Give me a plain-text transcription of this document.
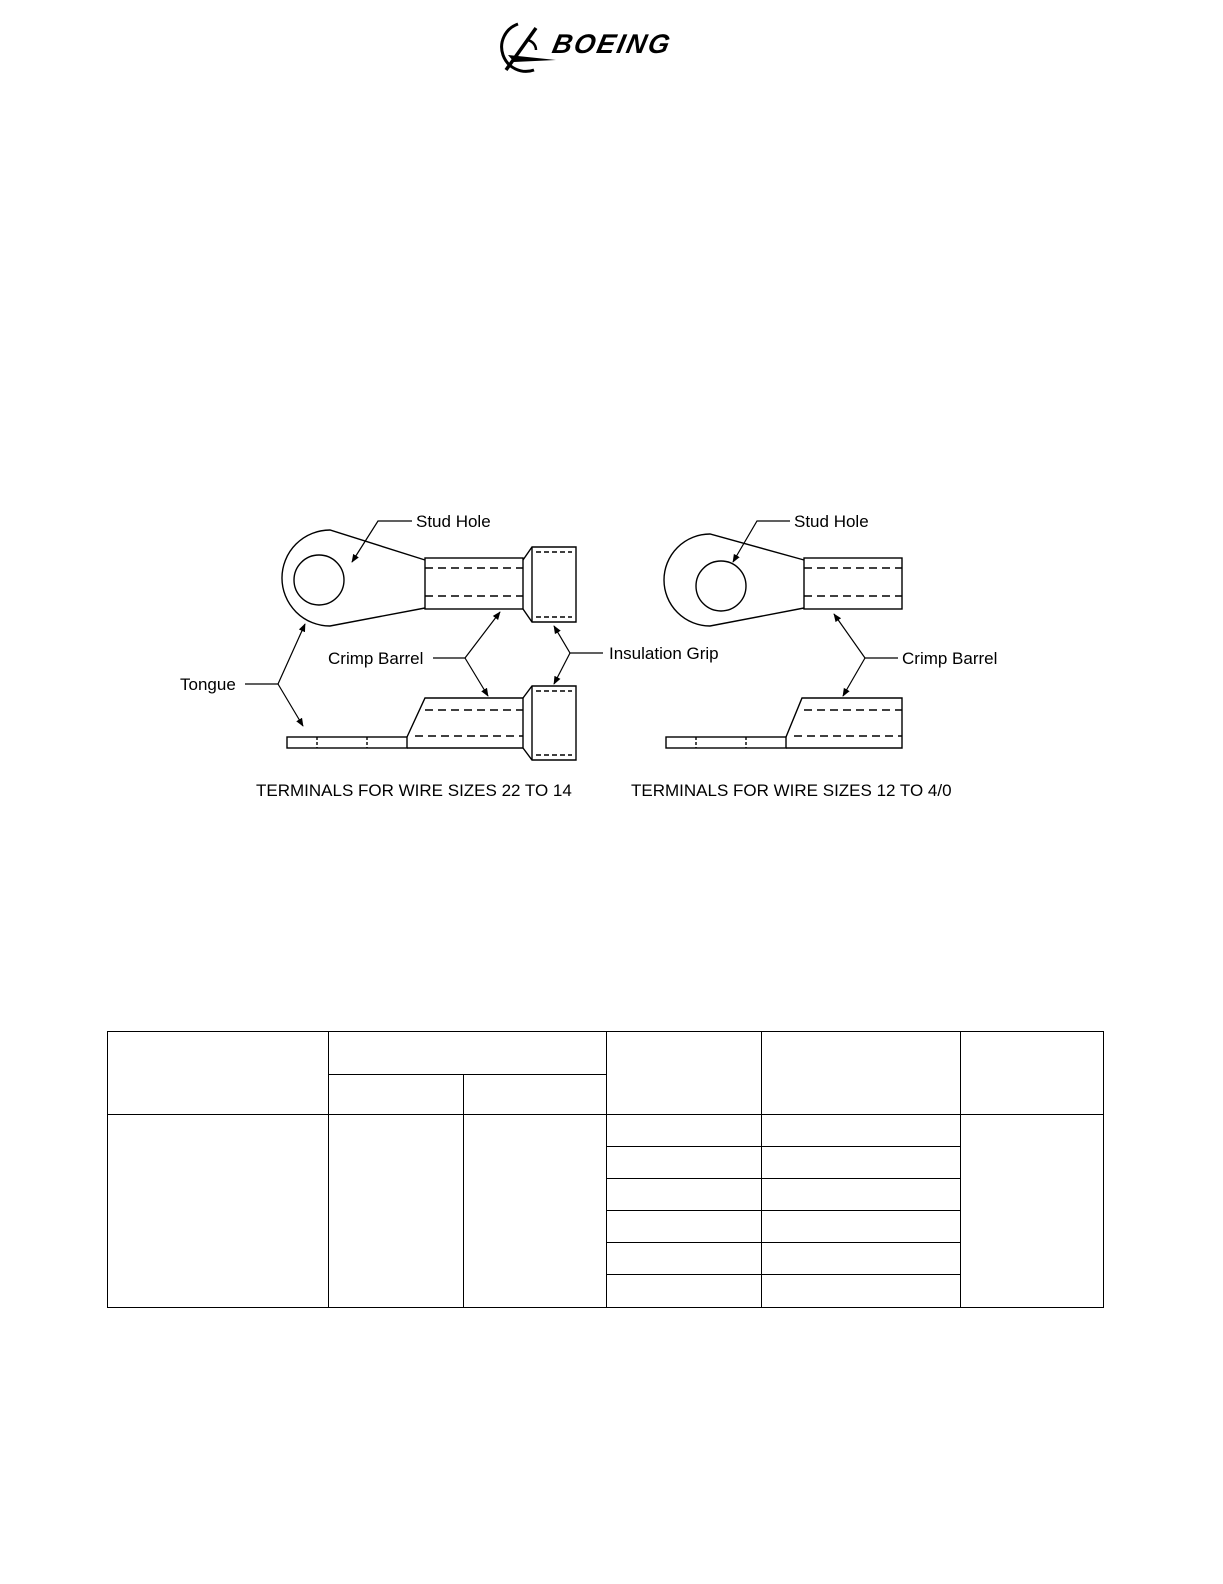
BOEING
Stud Hole
Crimp Barrel
Tongue
Insulation Grip
TERMINALS FOR WIRE SIZES 22 TO 14
Stud Hole
Crimp Barrel
TERMINALS FOR WIRE SIZES 12 TO 4/0
